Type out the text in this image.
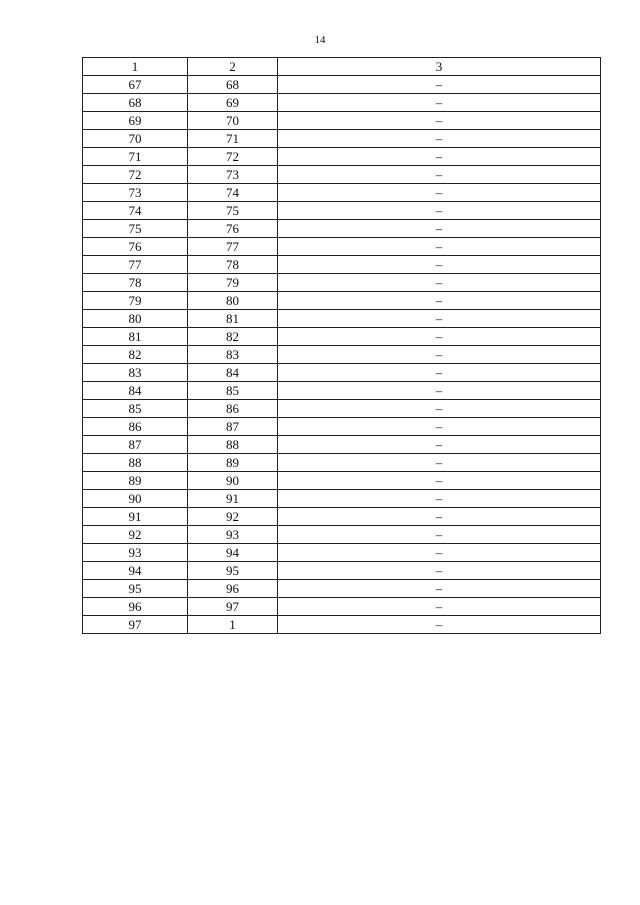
14
1	2	3
67	68	–
68	69	–
69	70	–
70	71	–
71	72	–
72	73	–
73	74	–
74	75	–
75	76	–
76	77	–
77	78	–
78	79	–
79	80	–
80	81	–
81	82	–
82	83	–
83	84	–
84	85	–
85	86	–
86	87	–
87	88	–
88	89	–
89	90	–
90	91	–
91	92	–
92	93	–
93	94	–
94	95	–
95	96	–
96	97	–
97	1	–
